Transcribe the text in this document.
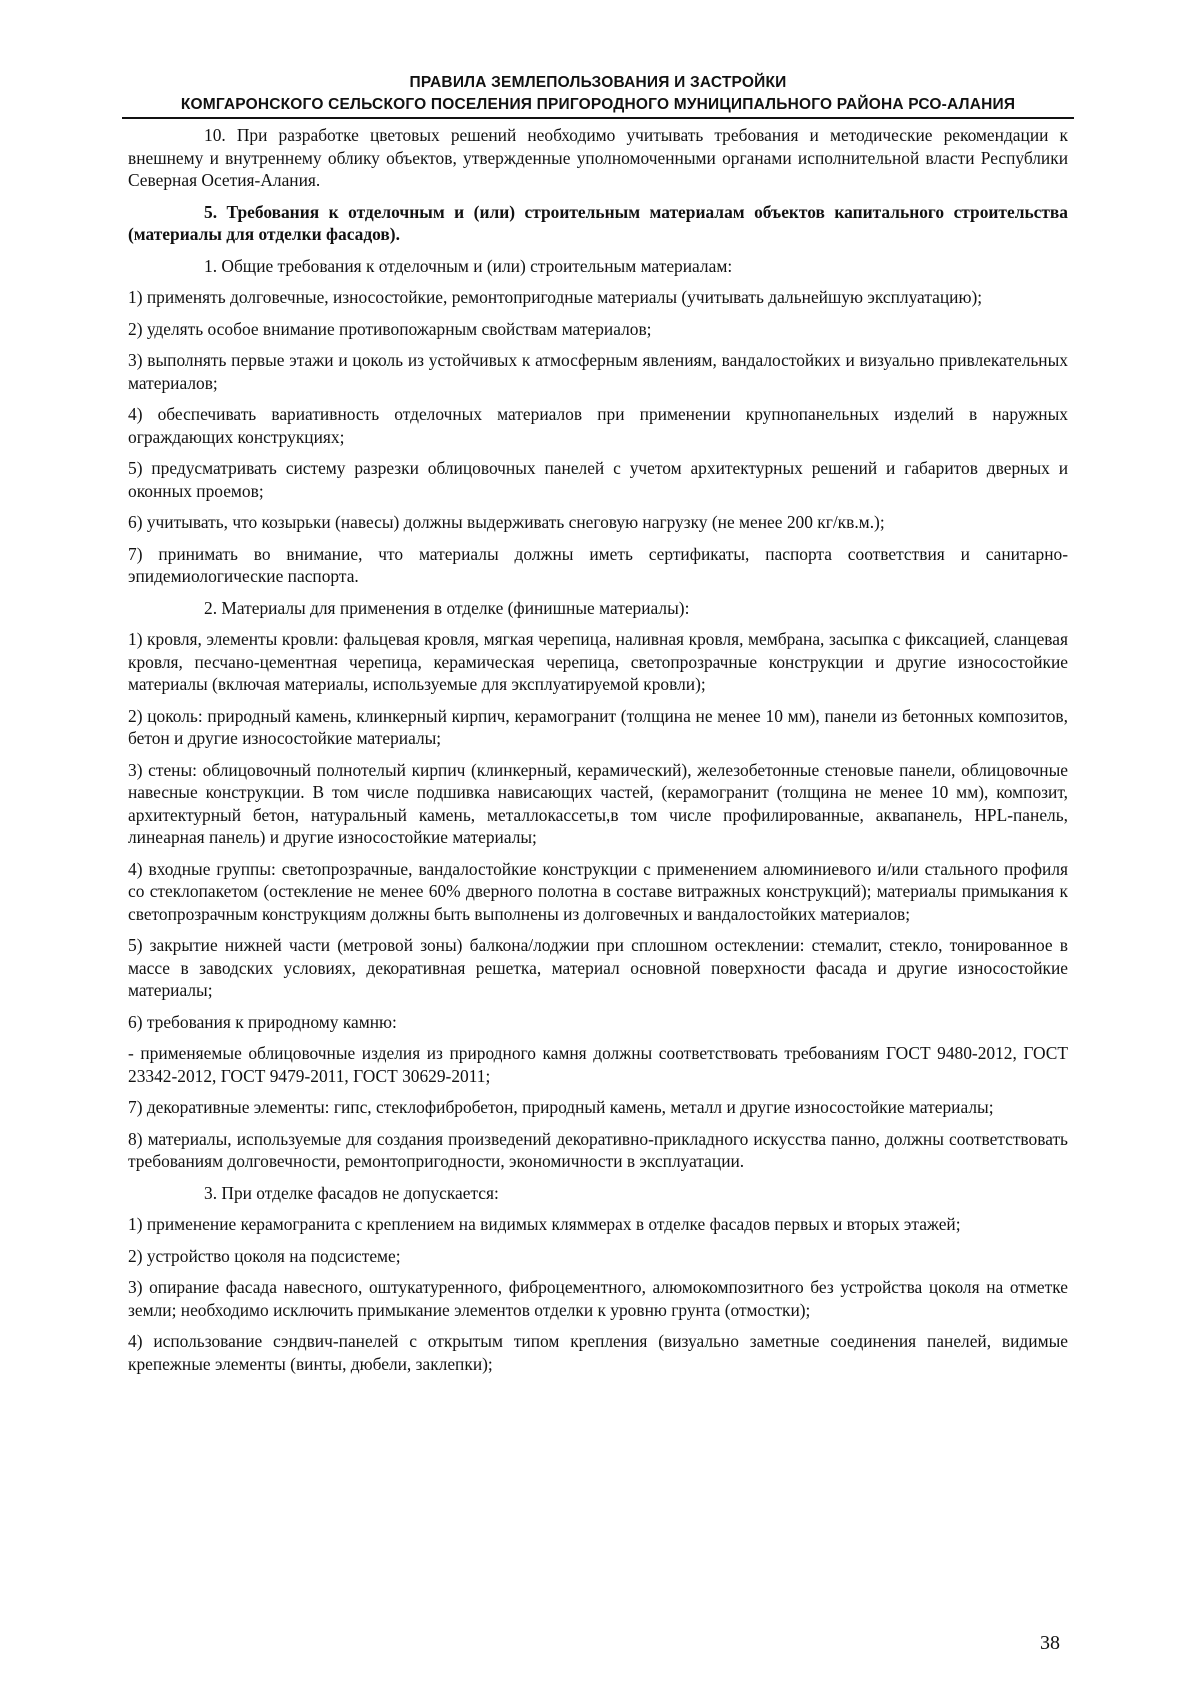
ПРАВИЛА ЗЕМЛЕПОЛЬЗОВАНИЯ И ЗАСТРОЙКИ
КОМГАРОНСКОГО СЕЛЬСКОГО ПОСЕЛЕНИЯ ПРИГОРОДНОГО МУНИЦИПАЛЬНОГО РАЙОНА РСО-АЛАНИЯ

10. При разработке цветовых решений необходимо учитывать требования и методические рекомендации к внешнему и внутреннему облику объектов, утвержденные уполномоченными органами исполнительной власти Республики Северная Осетия-Алания.

5. Требования к отделочным и (или) строительным материалам объектов капитального строительства (материалы для отделки фасадов).

1. Общие требования к отделочным и (или) строительным материалам:

1) применять долговечные, износостойкие, ремонтопригодные материалы (учитывать дальнейшую эксплуатацию);

2) уделять особое внимание противопожарным свойствам материалов;

3) выполнять первые этажи и цоколь из устойчивых к атмосферным явлениям, вандалостойких и визуально привлекательных материалов;

4) обеспечивать вариативность отделочных материалов при применении крупнопанельных изделий в наружных ограждающих конструкциях;

5) предусматривать систему разрезки облицовочных панелей с учетом архитектурных решений и габаритов дверных и оконных проемов;

6) учитывать, что козырьки (навесы) должны выдерживать снеговую нагрузку (не менее 200 кг/кв.м.);

7) принимать во внимание, что материалы должны иметь сертификаты, паспорта соответствия и санитарно-эпидемиологические паспорта.

2. Материалы для применения в отделке (финишные материалы):

1) кровля, элементы кровли: фальцевая кровля, мягкая черепица, наливная кровля, мембрана, засыпка с фиксацией, сланцевая кровля, песчано-цементная черепица, керамическая черепица, светопрозрачные конструкции и другие износостойкие материалы (включая материалы, используемые для эксплуатируемой кровли);

2) цоколь: природный камень, клинкерный кирпич, керамогранит (толщина не менее 10 мм), панели из бетонных композитов, бетон и другие износостойкие материалы;

3) стены: облицовочный полнотелый кирпич (клинкерный, керамический), железобетонные стеновые панели, облицовочные навесные конструкции. В том числе подшивка нависающих частей, (керамогранит (толщина не менее 10 мм), композит, архитектурный бетон, натуральный камень, металлокассеты,в том числе профилированные, аквапанель, HPL-панель, линеарная панель) и другие износостойкие материалы;

4) входные группы: светопрозрачные, вандалостойкие конструкции с применением алюминиевого и/или стального профиля со стеклопакетом (остекление не менее 60% дверного полотна в составе витражных конструкций); материалы примыкания к светопрозрачным конструкциям должны быть выполнены из долговечных и вандалостойких материалов;

5) закрытие нижней части (метровой зоны) балкона/лоджии при сплошном остеклении: стемалит, стекло, тонированное в массе в заводских условиях, декоративная решетка, материал основной поверхности фасада и другие износостойкие материалы;

6) требования к природному камню:

- применяемые облицовочные изделия из природного камня должны соответствовать требованиям ГОСТ 9480-2012, ГОСТ 23342-2012, ГОСТ 9479-2011, ГОСТ 30629-2011;

7) декоративные элементы: гипс, стеклофибробетон, природный камень, металл и другие износостойкие материалы;

8) материалы, используемые для создания произведений декоративно-прикладного искусства панно, должны соответствовать требованиям долговечности, ремонтопригодности, экономичности в эксплуатации.

3. При отделке фасадов не допускается:

1) применение керамогранита с креплением на видимых кляммерах в отделке фасадов первых и вторых этажей;

2) устройство цоколя на подсистеме;

3) опирание фасада навесного, оштукатуренного, фиброцементного, алюмокомпозитного без устройства цоколя на отметке земли; необходимо исключить примыкание элементов отделки к уровню грунта (отмостки);

4) использование сэндвич-панелей с открытым типом крепления (визуально заметные соединения панелей, видимые крепежные элементы (винты, дюбели, заклепки);

38
